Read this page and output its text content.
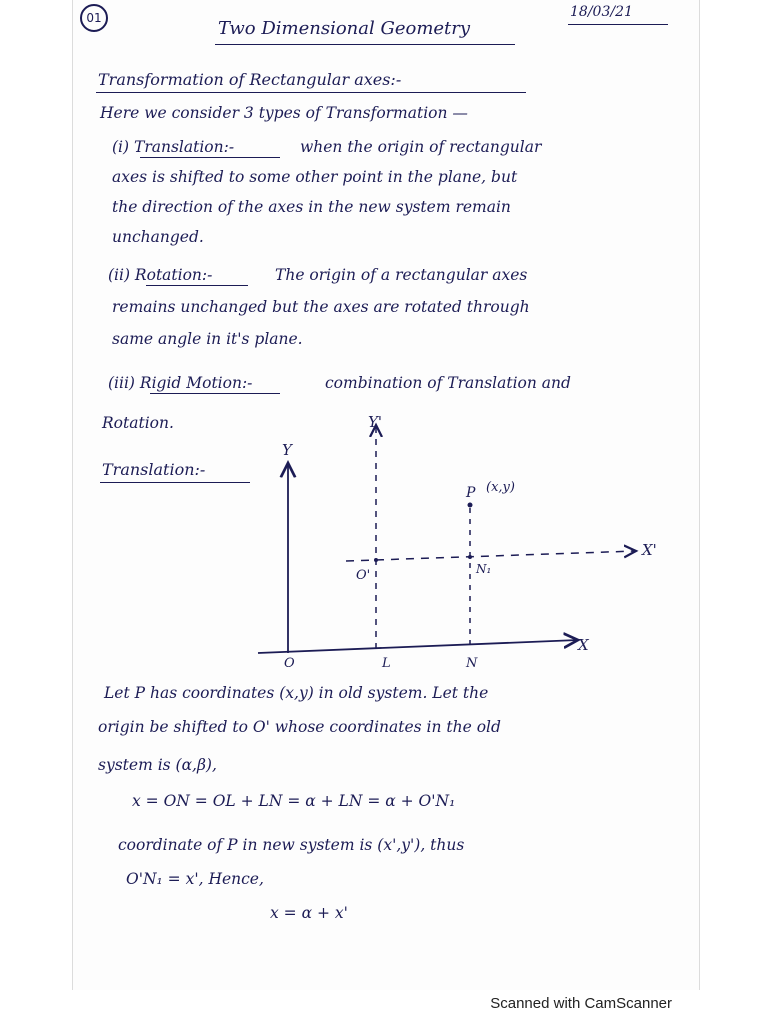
01	Two Dimensional Geometry
18/03/21
Transformation of Rectangular axes:-
Here we consider 3 types of Transformation —
(i) Translation:-	when the origin of rectangular
axes is shifted to some other point in the plane, but
the direction of the axes in the new system remain
unchanged.
(ii) Rotation:-	The origin of a rectangular axes
remains unchanged but the axes are rotated through
same angle in it's plane.
(iii) Rigid Motion:-	combination of Translation and
Rotation.
Translation:-
Y
Y'
X
X'
O
O'
L	N
N₁
P (x,y)
Let P has coordinates (x,y) in old system. Let the
origin be shifted to O' whose coordinates in the old
system is (α,β),
x = ON = OL + LN = α + LN = α + O'N₁
coordinate of P in new system is (x',y'), thus
O'N₁ = x', Hence,
x = α + x'
Scanned with CamScanner
